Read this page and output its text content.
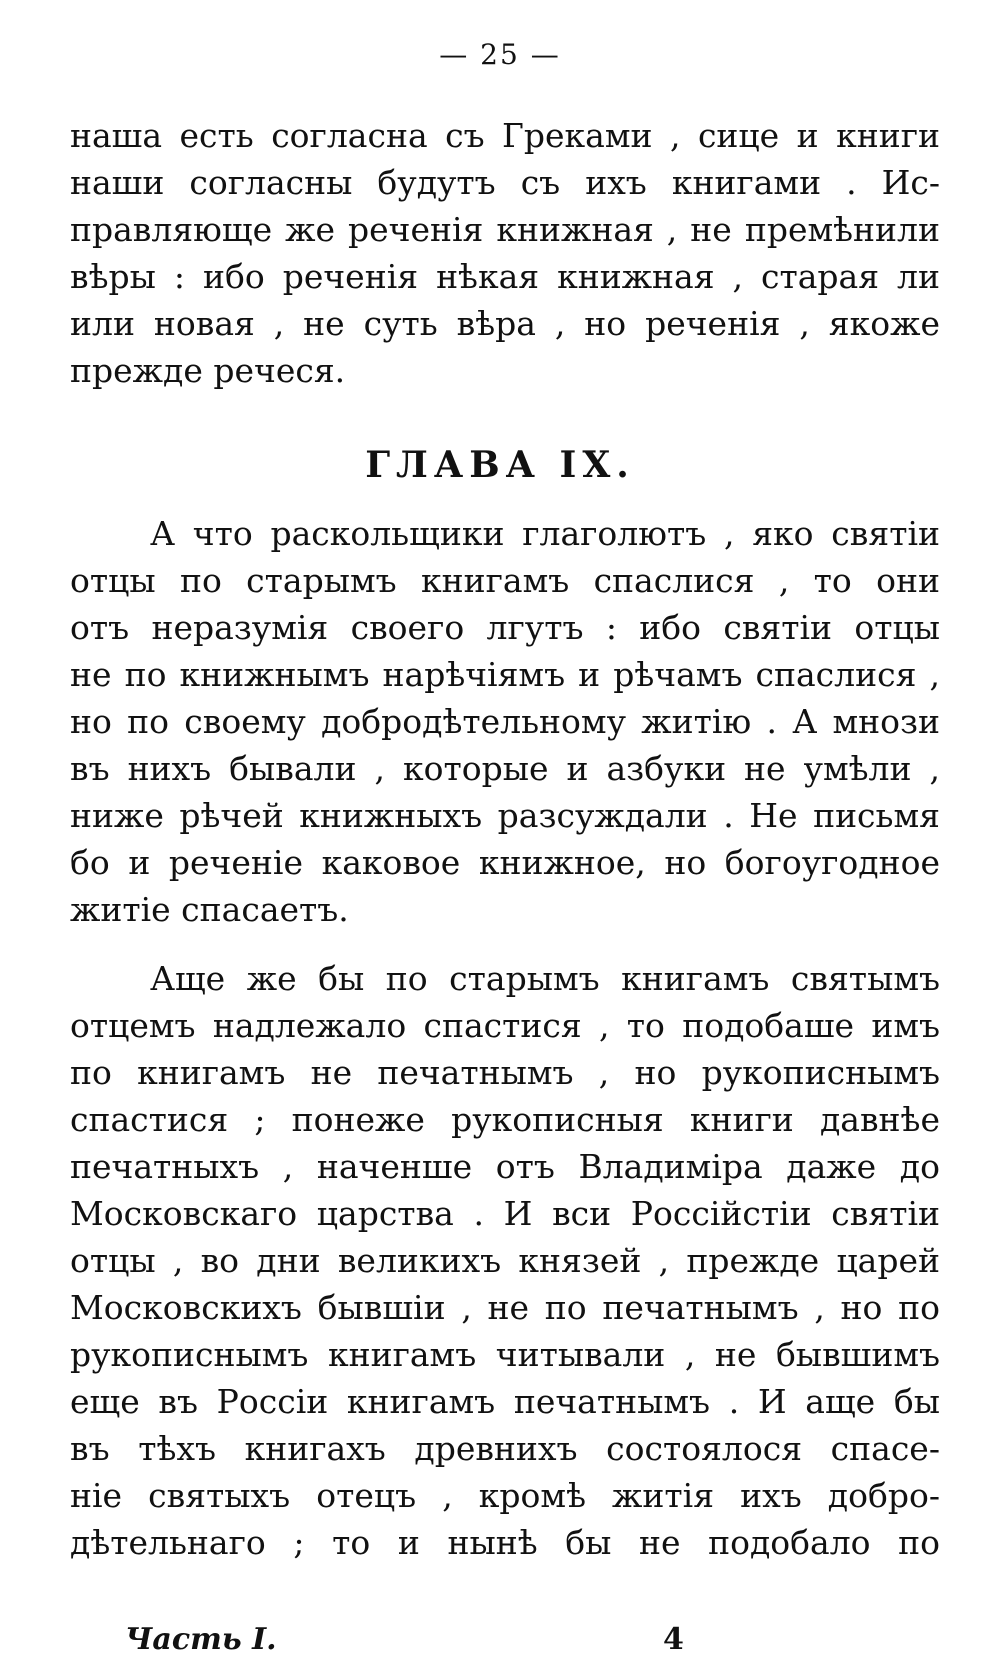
— 25 —
наша есть согласна съ Греками , сице и книги
наши согласны будутъ съ ихъ книгами . Ис-
правляюще же реченія книжная , не премѣнили
вѣры : ибо реченія нѣкая книжная , старая ли
или новая , не суть вѣра , но реченія , якоже
прежде речеся.
ГЛАВА IX.
А что раскольщики глаголютъ , яко святіи
отцы по старымъ книгамъ спаслися , то они
отъ неразумія своего лгутъ : ибо святіи отцы
не по книжнымъ нарѣчіямъ и рѣчамъ спаслися ,
но по своему добродѣтельному житію . А мнози
въ нихъ бывали , которые и азбуки не умѣли ,
ниже рѣчей книжныхъ разсуждали . Не письмя
бо и реченіе каковое книжное, но богоугодное
житіе спасаетъ.
Аще же бы по старымъ книгамъ святымъ
отцемъ надлежало спастися , то подобаше имъ
по книгамъ не печатнымъ , но рукописнымъ
спастися ; понеже рукописныя книги давнѣе
печатныхъ , наченше отъ Владиміра даже до
Московскаго царства . И вси Россійстіи святіи
отцы , во дни великихъ князей , прежде царей
Московскихъ бывшіи , не по печатнымъ , но по
рукописнымъ книгамъ читывали , не бывшимъ
еще въ Россіи книгамъ печатнымъ . И аще бы
въ тѣхъ книгахъ древнихъ состоялося спасе-
ніе святыхъ отецъ , кромѣ житія ихъ добро-
дѣтельнаго ; то и нынѣ бы не подобало по
Часть I.	4
